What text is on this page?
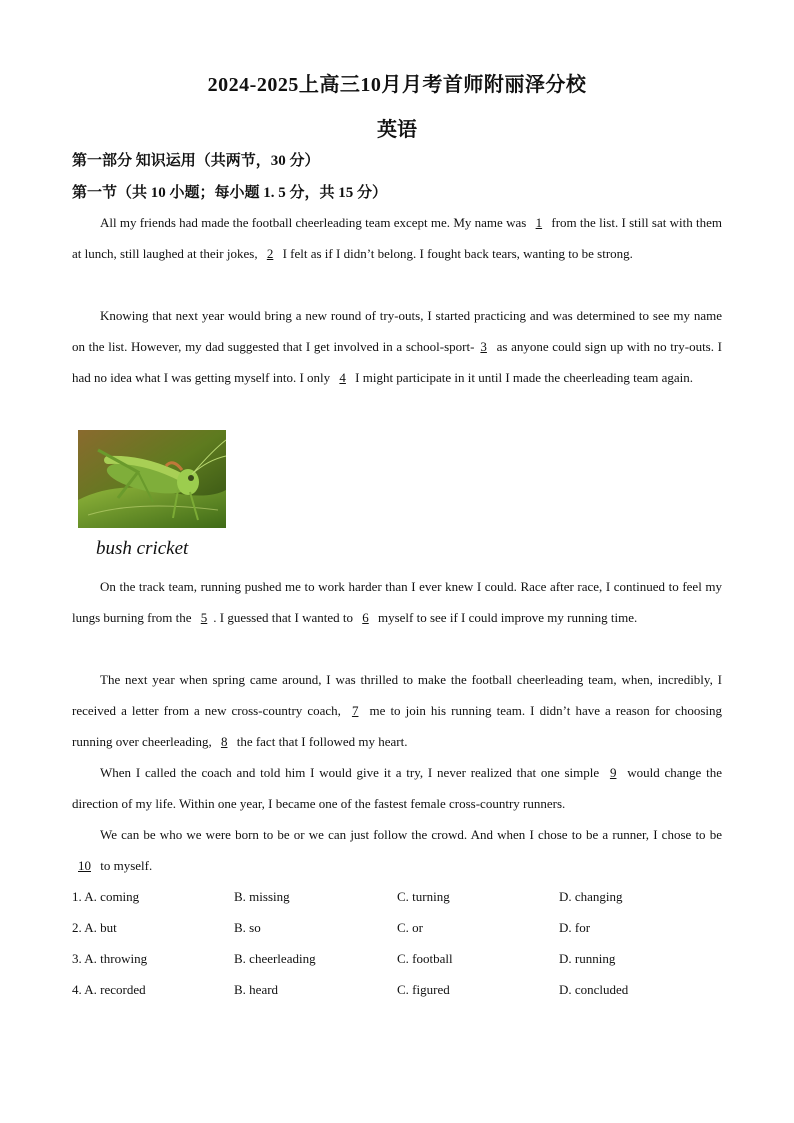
2024-2025上高三10月月考首师附丽泽分校
英语
第一部分 知识运用（共两节，30 分）
第一节（共 10 小题；每小题 1. 5 分，共 15 分）

All my friends had made the football cheerleading team except me. My name was 1 from the list. I still sat with them at lunch, still laughed at their jokes, 2 I felt as if I didn’t belong. I fought back tears, wanting to be strong.

Knowing that next year would bring a new round of try-outs, I started practicing and was determined to see my name on the list. However, my dad suggested that I get involved in a school-sport- 3 as anyone could sign up with no try-outs. I had no idea what I was getting myself into. I only 4 I might participate in it until I made the cheerleading team again.

bush cricket

On the track team, running pushed me to work harder than I ever knew I could. Race after race, I continued to feel my lungs burning from the 5 . I guessed that I wanted to 6 myself to see if I could improve my running time.

The next year when spring came around, I was thrilled to make the football cheerleading team, when, incredibly, I received a letter from a new cross-country coach, 7 me to join his running team. I didn’t have a reason for choosing running over cheerleading, 8 the fact that I followed my heart.

When I called the coach and told him I would give it a try, I never realized that one simple 9 would change the direction of my life. Within one year, I became one of the fastest female cross-country runners.

We can be who we were born to be or we can just follow the crowd. And when I chose to be a runner, I chose to be 10 to myself.

1. A. coming	B. missing	C. turning	D. changing
2. A. but	B. so	C. or	D. for
3. A. throwing	B. cheerleading	C. football	D. running
4. A. recorded	B. heard	C. figured	D. concluded
